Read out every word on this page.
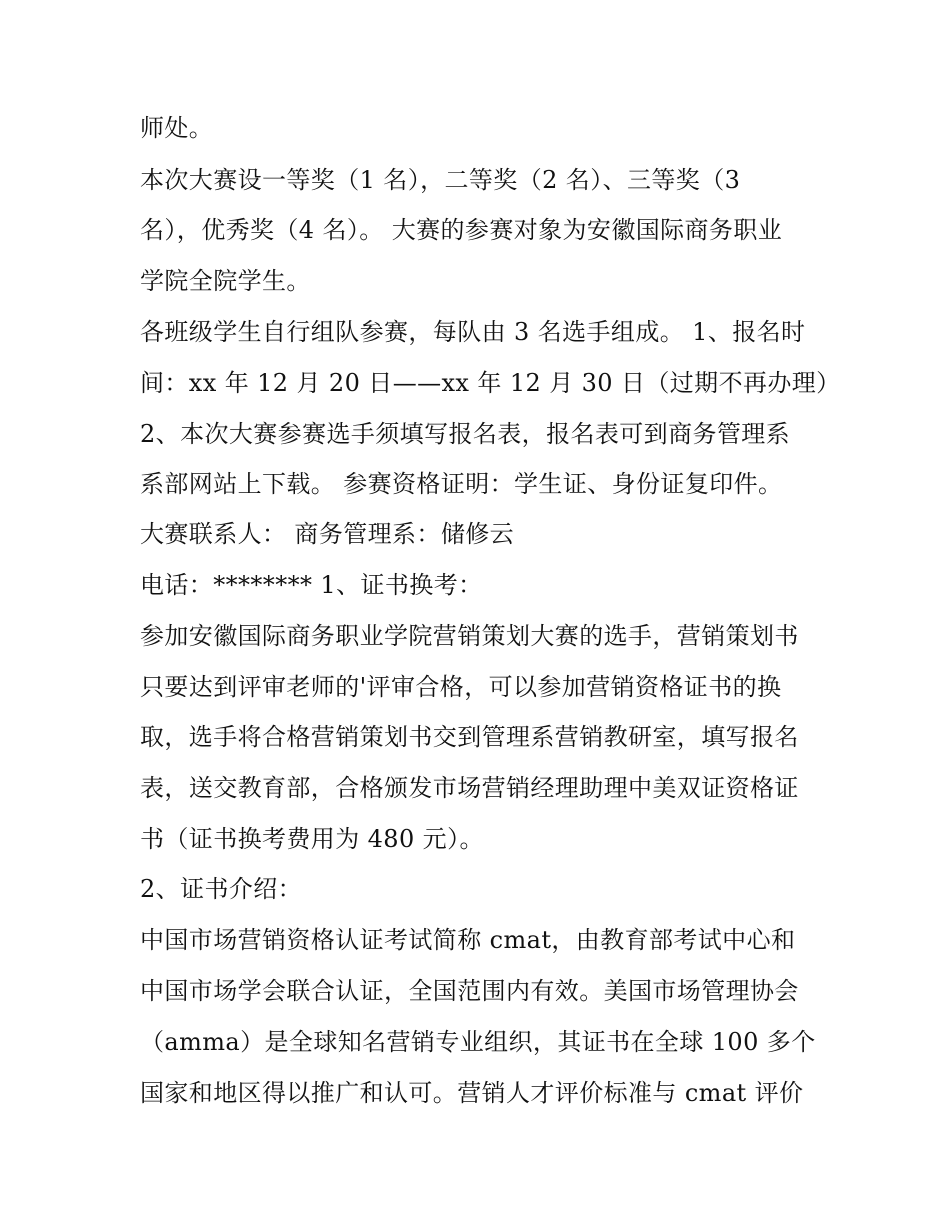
师处。
本次大赛设一等奖（1 名），二等奖（2 名）、三等奖（3
名），优秀奖（4 名）。 大赛的参赛对象为安徽国际商务职业
学院全院学生。
各班级学生自行组队参赛，每队由 3 名选手组成。 1、报名时
间：xx 年 12 月 20 日——xx 年 12 月 30 日（过期不再办理）
2、本次大赛参赛选手须填写报名表，报名表可到商务管理系
系部网站上下载。 参赛资格证明：学生证、身份证复印件。
大赛联系人： 商务管理系：储修云
电话：******** 1、证书换考：
参加安徽国际商务职业学院营销策划大赛的选手，营销策划书
只要达到评审老师的'评审合格，可以参加营销资格证书的换
取，选手将合格营销策划书交到管理系营销教研室，填写报名
表，送交教育部，合格颁发市场营销经理助理中美双证资格证
书（证书换考费用为 480 元）。
2、证书介绍：
中国市场营销资格认证考试简称 cmat，由教育部考试中心和
中国市场学会联合认证，全国范围内有效。美国市场管理协会
（amma）是全球知名营销专业组织，其证书在全球 100 多个
国家和地区得以推广和认可。营销人才评价标准与 cmat 评价
